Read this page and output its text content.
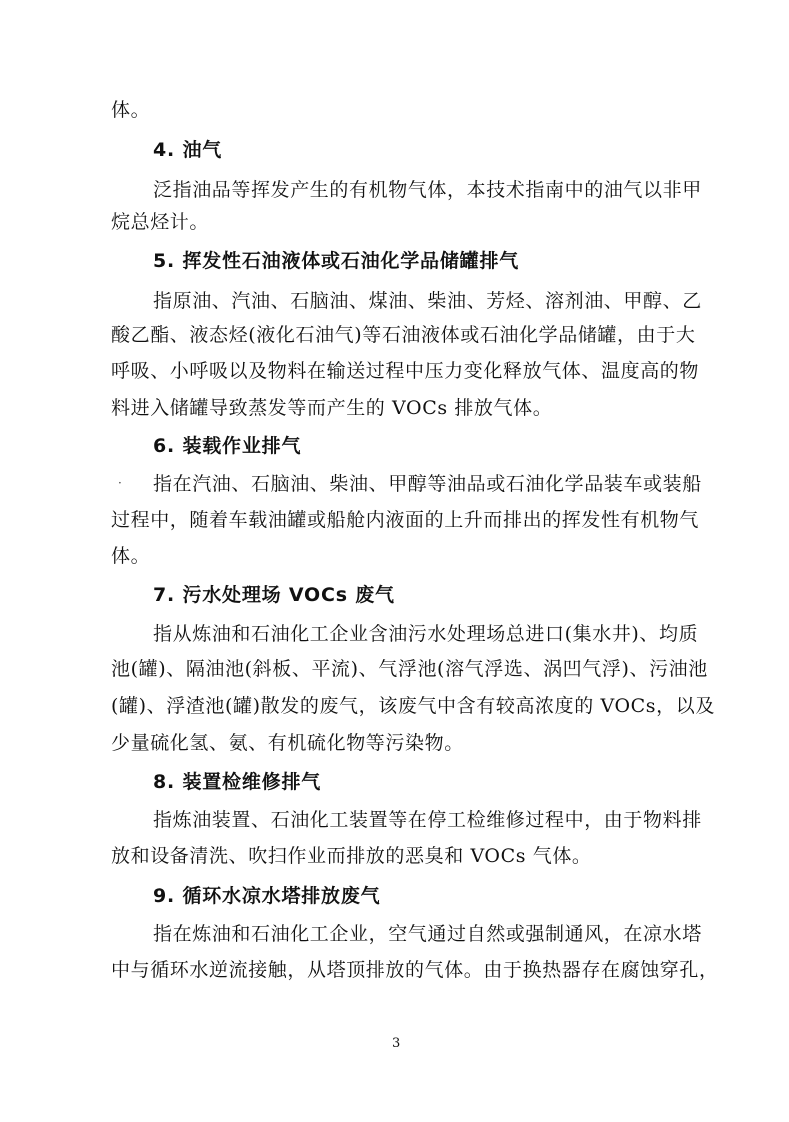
体。
4. 油气
泛指油品等挥发产生的有机物气体，本技术指南中的油气以非甲
烷总烃计。
5. 挥发性石油液体或石油化学品储罐排气
指原油、汽油、石脑油、煤油、柴油、芳烃、溶剂油、甲醇、乙
酸乙酯、液态烃(液化石油气)等石油液体或石油化学品储罐，由于大
呼吸、小呼吸以及物料在输送过程中压力变化释放气体、温度高的物
料进入储罐导致蒸发等而产生的 VOCs 排放气体。
6. 装载作业排气
· 指在汽油、石脑油、柴油、甲醇等油品或石油化学品装车或装船
过程中，随着车载油罐或船舱内液面的上升而排出的挥发性有机物气
体。
7. 污水处理场 VOCs 废气
指从炼油和石油化工企业含油污水处理场总进口(集水井)、均质
池(罐)、隔油池(斜板、平流)、气浮池(溶气浮选、涡凹气浮)、污油池
(罐)、浮渣池(罐)散发的废气，该废气中含有较高浓度的 VOCs，以及
少量硫化氢、氨、有机硫化物等污染物。
8. 装置检维修排气
指炼油装置、石油化工装置等在停工检维修过程中，由于物料排
放和设备清洗、吹扫作业而排放的恶臭和 VOCs 气体。
9. 循环水凉水塔排放废气
指在炼油和石油化工企业，空气通过自然或强制通风，在凉水塔
中与循环水逆流接触，从塔顶排放的气体。由于换热器存在腐蚀穿孔，
3
